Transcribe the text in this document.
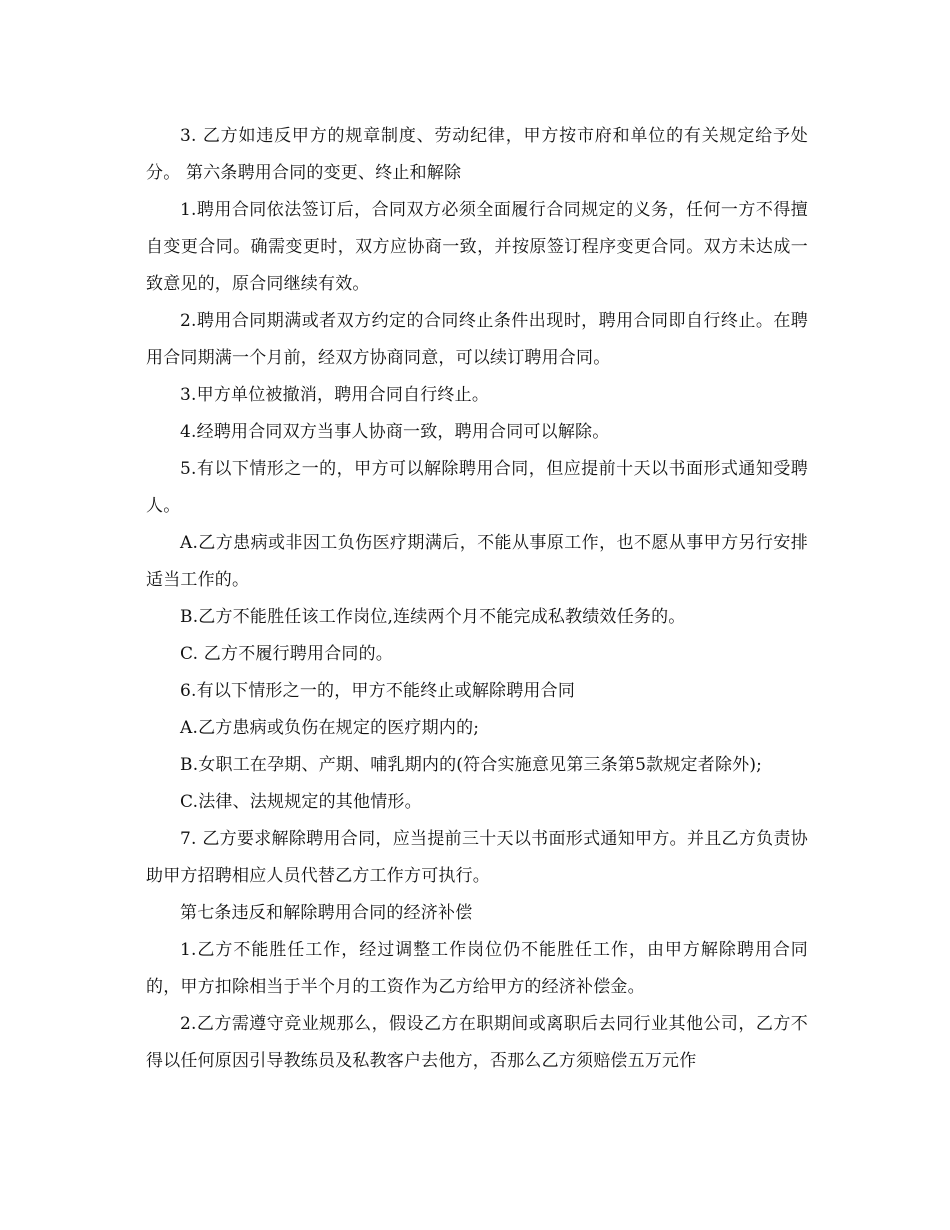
3. 乙方如违反甲方的规章制度、劳动纪律，甲方按市府和单位的有关规定给予处分。 第六条聘用合同的变更、终止和解除

1.聘用合同依法签订后，合同双方必须全面履行合同规定的义务，任何一方不得擅自变更合同。确需变更时，双方应协商一致，并按原签订程序变更合同。双方未达成一致意见的，原合同继续有效。

2.聘用合同期满或者双方约定的合同终止条件出现时，聘用合同即自行终止。在聘用合同期满一个月前，经双方协商同意，可以续订聘用合同。

3.甲方单位被撤消，聘用合同自行终止。

4.经聘用合同双方当事人协商一致，聘用合同可以解除。

5.有以下情形之一的，甲方可以解除聘用合同，但应提前十天以书面形式通知受聘人。

A.乙方患病或非因工负伤医疗期满后，不能从事原工作，也不愿从事甲方另行安排适当工作的。

B.乙方不能胜任该工作岗位,连续两个月不能完成私教绩效任务的。

C. 乙方不履行聘用合同的。

6.有以下情形之一的，甲方不能终止或解除聘用合同

A.乙方患病或负伤在规定的医疗期内的;

B.女职工在孕期、产期、哺乳期内的(符合实施意见第三条第5款规定者除外);

C.法律、法规规定的其他情形。

7. 乙方要求解除聘用合同，应当提前三十天以书面形式通知甲方。并且乙方负责协助甲方招聘相应人员代替乙方工作方可执行。

第七条违反和解除聘用合同的经济补偿

1.乙方不能胜任工作，经过调整工作岗位仍不能胜任工作，由甲方解除聘用合同的，甲方扣除相当于半个月的工资作为乙方给甲方的经济补偿金。

2.乙方需遵守竞业规那么，假设乙方在职期间或离职后去同行业其他公司，乙方不得以任何原因引导教练员及私教客户去他方，否那么乙方须赔偿五万元作
